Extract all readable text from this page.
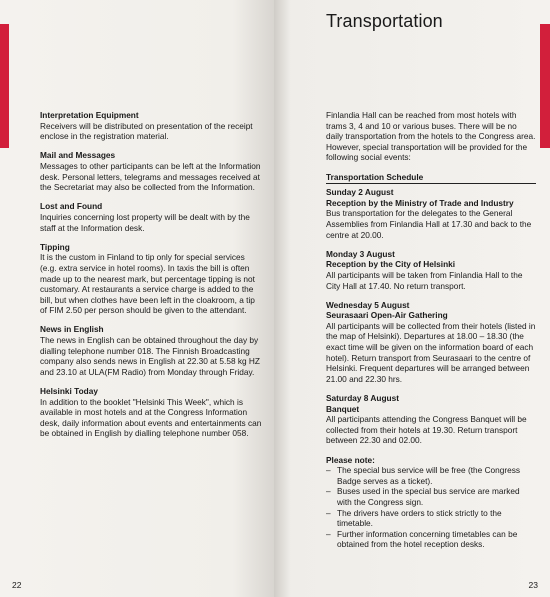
Interpretation Equipment
Receivers will be distributed on presentation of the receipt enclose in the registration material.
Mail and Messages
Messages to other participants can be left at the Information desk. Personal letters, telegrams and messages received at the Secretariat may also be collected from the Information.
Lost and Found
Inquiries concerning lost property will be dealt with by the staff at the Information desk.
Tipping
It is the custom in Finland to tip only for special services (e.g. extra service in hotel rooms). In taxis the bill is often made up to the nearest mark, but percentage tipping is not customary. At restaurants a service charge is added to the bill, but when clothes have been left in the cloakroom, a tip of FIM 2.50 per person should be given to the attendant.
News in English
The news in English can be obtained throughout the day by dialling telephone number 018. The Finnish Broadcasting company also sends news in English at 22.30 at 5.58 kg HZ and 23.10 at ULA(FM Radio) from Monday through Friday.
Helsinki Today
In addition to the booklet "Helsinki This Week", which is available in most hotels and at the Congress Information desk, daily information about events and entertainments can be obtained in English by dialling telephone number 058.
22
Transportation
Finlandia Hall can be reached from most hotels with trams 3, 4 and 10 or various buses. There will be no daily transportation from the hotels to the Congress area. However, special transportation will be provided for the following social events:
Transportation Schedule
Sunday 2 August
Reception by the Ministry of Trade and Industry
Bus transportation for the delegates to the General Assemblies from Finlandia Hall at 17.30 and back to the centre at 20.00.
Monday 3 August
Reception by the City of Helsinki
All participants will be taken from Finlandia Hall to the City Hall at 17.40. No return transport.
Wednesday 5 August
Seurasaari Open-Air Gathering
All participants will be collected from their hotels (listed in the map of Helsinki). Departures at 18.00 – 18.30 (the exact time will be given on the information board of each hotel). Return transport from Seurasaari to the centre of Helsinki. Frequent departures will be arranged between 21.00 and 22.30 hrs.
Saturday 8 August
Banquet
All participants attending the Congress Banquet will be collected from their hotels at 19.30. Return transport between 22.30 and 02.00.
Please note:
– The special bus service will be free (the Congress Badge serves as a ticket).
– Buses used in the special bus service are marked with the Congress sign.
– The drivers have orders to stick strictly to the timetable.
– Further information concerning timetables can be obtained from the hotel reception desks.
23
